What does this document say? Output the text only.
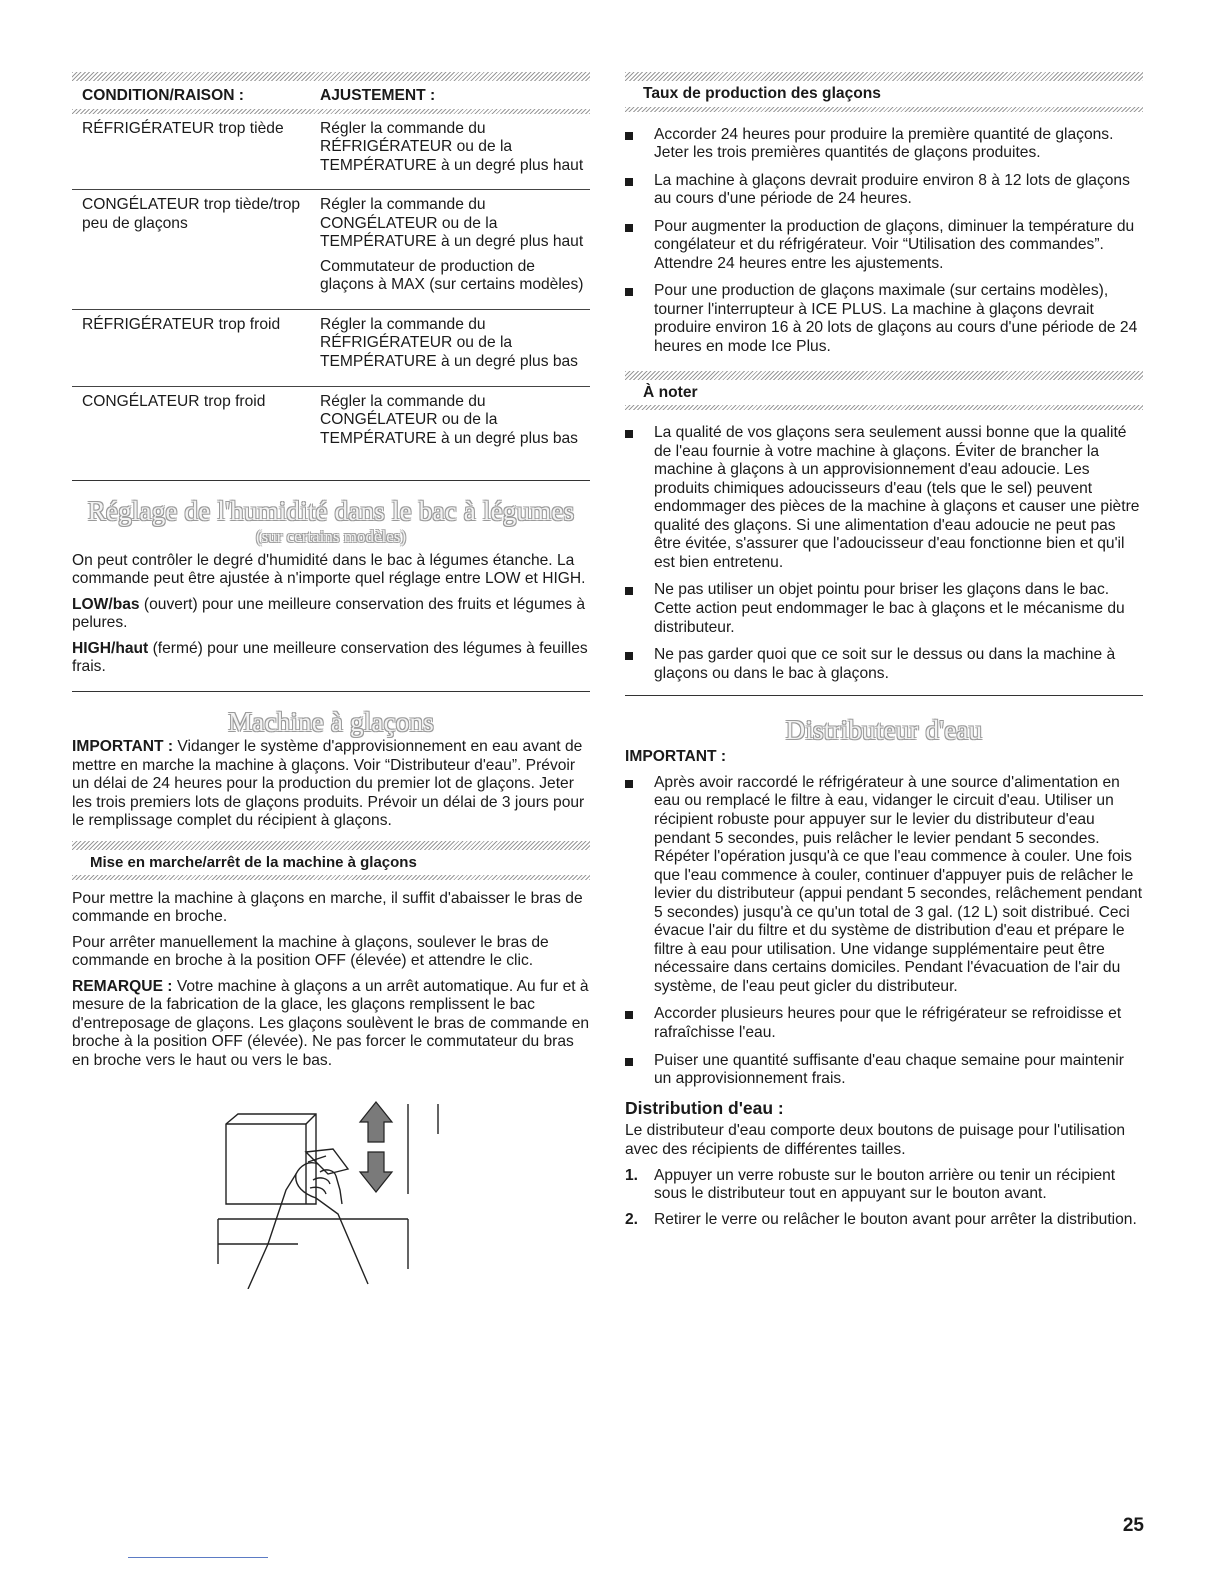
CONDITION/RAISON :	AJUSTEMENT :

RÉFRIGÉRATEUR trop tiède	Régler la commande du RÉFRIGÉRATEUR ou de la TEMPÉRATURE à un degré plus haut
CONGÉLATEUR trop tiède/trop peu de glaçons	Régler la commande du CONGÉLATEUR ou de la TEMPÉRATURE à un degré plus haut
Commutateur de production de glaçons à MAX (sur certains modèles)

RÉFRIGÉRATEUR trop froid	Régler la commande du RÉFRIGÉRATEUR ou de la TEMPÉRATURE à un degré plus bas
CONGÉLATEUR trop froid	Régler la commande du CONGÉLATEUR ou de la TEMPÉRATURE à un degré plus bas
Réglage de l'humidité dans le bac à légumes
(sur certains modèles)

On peut contrôler le degré d'humidité dans le bac à légumes étanche. La commande peut être ajustée à n'importe quel réglage entre LOW et HIGH.

LOW/bas (ouvert) pour une meilleure conservation des fruits et légumes à pelures.

HIGH/haut (fermé) pour une meilleure conservation des légumes à feuilles frais.

Machine à glaçons

IMPORTANT : Vidanger le système d'approvisionnement en eau avant de mettre en marche la machine à glaçons. Voir “Distributeur d'eau”. Prévoir un délai de 24 heures pour la production du premier lot de glaçons. Jeter les trois premiers lots de glaçons produits. Prévoir un délai de 3 jours pour le remplissage complet du récipient à glaçons.

Mise en marche/arrêt de la machine à glaçons

Pour mettre la machine à glaçons en marche, il suffit d'abaisser le bras de commande en broche.

Pour arrêter manuellement la machine à glaçons, soulever le bras de commande en broche à la position OFF (élevée) et attendre le clic.

REMARQUE : Votre machine à glaçons a un arrêt automatique. Au fur et à mesure de la fabrication de la glace, les glaçons remplissent le bac d'entreposage de glaçons. Les glaçons soulèvent le bras de commande en broche à la position OFF (élevée). Ne pas forcer le commutateur du bras en broche vers le haut ou vers le bas.

Taux de production des glaçons
Accorder 24 heures pour produire la première quantité de glaçons. Jeter les trois premières quantités de glaçons produites.
La machine à glaçons devrait produire environ 8 à 12 lots de glaçons au cours d'une période de 24 heures.
Pour augmenter la production de glaçons, diminuer la température du congélateur et du réfrigérateur. Voir “Utilisation des commandes”. Attendre 24 heures entre les ajustements.
Pour une production de glaçons maximale (sur certains modèles), tourner l'interrupteur à ICE PLUS. La machine à glaçons devrait produire environ 16 à 20 lots de glaçons au cours d'une période de 24 heures en mode Ice Plus.
À noter
La qualité de vos glaçons sera seulement aussi bonne que la qualité de l'eau fournie à votre machine à glaçons. Éviter de brancher la machine à glaçons à un approvisionnement d'eau adoucie. Les produits chimiques adoucisseurs d'eau (tels que le sel) peuvent endommager des pièces de la machine à glaçons et causer une piètre qualité des glaçons. Si une alimentation d'eau adoucie ne peut pas être évitée, s'assurer que l'adoucisseur d'eau fonctionne bien et qu'il est bien entretenu.
Ne pas utiliser un objet pointu pour briser les glaçons dans le bac. Cette action peut endommager le bac à glaçons et le mécanisme du distributeur.
Ne pas garder quoi que ce soit sur le dessus ou dans la machine à glaçons ou dans le bac à glaçons.
Distributeur d'eau
IMPORTANT :
Après avoir raccordé le réfrigérateur à une source d'alimentation en eau ou remplacé le filtre à eau, vidanger le circuit d'eau. Utiliser un récipient robuste pour appuyer sur le levier du distributeur d'eau pendant 5 secondes, puis relâcher le levier pendant 5 secondes. Répéter l'opération jusqu'à ce que l'eau commence à couler. Une fois que l'eau commence à couler, continuer d'appuyer puis de relâcher le levier du distributeur (appui pendant 5 secondes, relâchement pendant 5 secondes) jusqu'à ce qu'un total de 3 gal. (12 L) soit distribué. Ceci évacue l'air du filtre et du système de distribution d'eau et prépare le filtre à eau pour utilisation. Une vidange supplémentaire peut être nécessaire dans certains domiciles. Pendant l'évacuation de l'air du système, de l'eau peut gicler du distributeur.
Accorder plusieurs heures pour que le réfrigérateur se refroidisse et rafraîchisse l'eau.
Puiser une quantité suffisante d'eau chaque semaine pour maintenir un approvisionnement frais.
Distribution d'eau :

Le distributeur d'eau comporte deux boutons de puisage pour l'utilisation avec des récipients de différentes tailles.

1. Appuyer un verre robuste sur le bouton arrière ou tenir un récipient sous le distributeur tout en appuyant sur le bouton avant.
2. Retirer le verre ou relâcher le bouton avant pour arrêter la distribution.
25
